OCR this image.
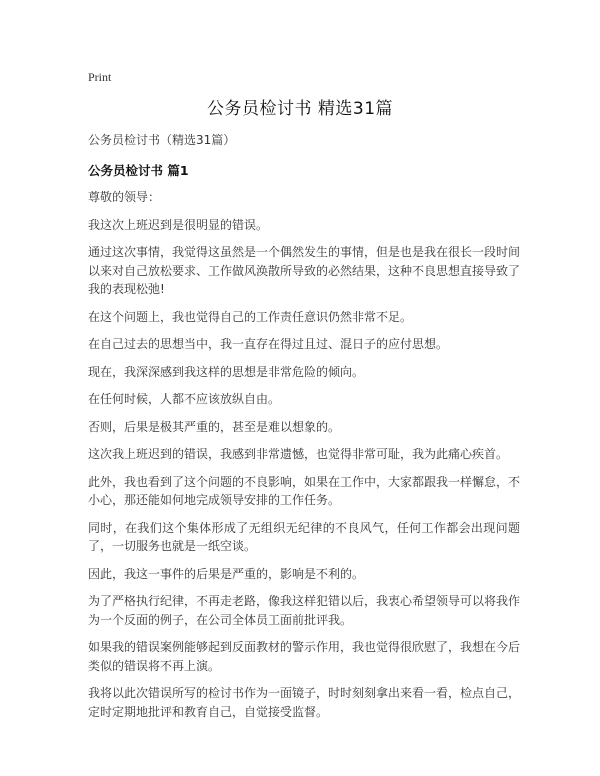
Print
公务员检讨书 精选31篇

公务员检讨书（精选31篇）

公务员检讨书 篇1

尊敬的领导：

我这次上班迟到是很明显的错误。

通过这次事情，我觉得这虽然是一个偶然发生的事情，但是也是我在很长一段时间以来对自己放松要求、工作做风涣散所导致的必然结果，这种不良思想直接导致了我的表现松弛!

在这个问题上，我也觉得自己的工作责任意识仍然非常不足。

在自己过去的思想当中，我一直存在得过且过、混日子的应付思想。

现在，我深深感到我这样的思想是非常危险的倾向。

在任何时候，人都不应该放纵自由。

否则，后果是极其严重的，甚至是难以想象的。

这次我上班迟到的错误，我感到非常遗憾，也觉得非常可耻，我为此痛心疾首。

此外，我也看到了这个问题的不良影响，如果在工作中，大家都跟我一样懈怠，不小心，那还能如何地完成领导安排的工作任务。

同时，在我们这个集体形成了无组织无纪律的不良风气，任何工作都会出现问题了，一切服务也就是一纸空谈。

因此，我这一事件的后果是严重的，影响是不利的。

为了严格执行纪律，不再走老路，像我这样犯错以后，我衷心希望领导可以将我作为一个反面的例子，在公司全体员工面前批评我。

如果我的错误案例能够起到反面教材的警示作用，我也觉得很欣慰了，我想在今后类似的错误将不再上演。

我将以此次错误所写的检讨书作为一面镜子，时时刻刻拿出来看一看，检点自己，定时定期地批评和教育自己，自觉接受监督。
